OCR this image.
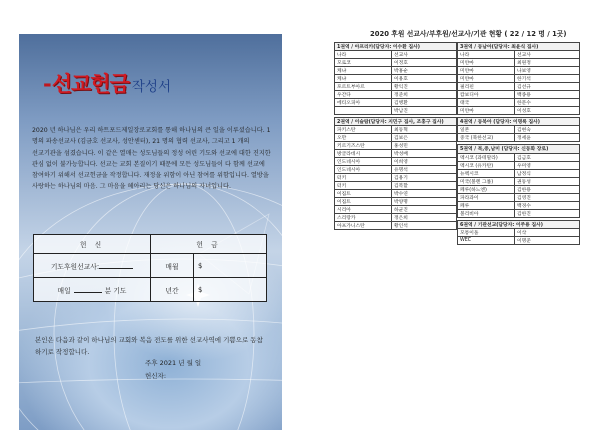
-선교헌금 작성서
2020 년 하나님은 우리 하트포드제일장로교회를 통해 하나님의 큰 일을 이루셨습니다. 1 명의 파송선교사 (김금호 선교사, 성안센터), 21 명의 협력 선교사, 그리고 1 개의 선교기관을 섬겼습니다. 이 같은 열매는 성도님들의 정성 어린 기도와 선교에 대한 진지한 관심 없이 불가능합니다. 선교는 교회 본질이기 때문에 모든 성도님들이 다 함께 선교에 참여하기 위해서 선교헌금을 작정합니다. 재정을 위함이 아닌 참여를 위함입니다. 열방을 사랑하는 하나님의 마음. 그 마음을 헤아리는 당신은 하나님의 자녀입니다.
헌 신	헌 금	
기도후원선교사:	매월	$
매일 분 기도	년간	$
본인은 다음과 같이 하나님의 교회와 복음 전도를 위한 선교사역에 기쁨으로 동참하기로 작정합니다.
주후 2021 년 월 일
헌신자:
2020 후원 선교사/부후원/선교사/기관 현황 ( 22 / 12 명 / 1곳)
1권역 / 아프리카(담당자: 이수환 집사)	
나라	선교사
모로코	이정호
케냐	박홍순
케냐	이용호
포르트부아르	황익진
우간다	정준희
에티오피아	김병환
	박남진
2권역 / 이슬람(담당자: 지민구 집사, 조홍구 집사)	
파키스탄	최동혁
오만	김보은
키르기즈스탄	홍성민
방글라데시	박성배
인도네시아	이희영
인도네시아	유명석
터키	김용기
터키	김복할
이집트	박수연
이집트	박양명
시리아	하균진
스리랑카	정은희
아프가니스탄	황인석
3권역 / 동남아(담당자: 최윤식 집사)	
나라	선교사
미얀마	최원정
미얀마	나보영
미얀마	한기석
필리핀	김선규
캄보디아	백종용
태국	한문수
미얀마	이성호
4권역 / 동북아 (담당자: 이명록 집사)	
일본	김현숙
중국 (북한선교)	정세윤
5권역 / 북,중,남미 (담당자: 신동화 장로)	
멕시코 (과테말라)	김금호
멕시코 (유카탄)	우미영
뉴멕시코	남정식
미국(볼렌 그룹)	권동성
페루(하느엔)	김한용
파라과이	김영진
페루	백경수
볼리비아	김한진
6권역 / 기관선교(담당자: 이주용 집사)	
모통이돌	이삭
WEC	이명준
